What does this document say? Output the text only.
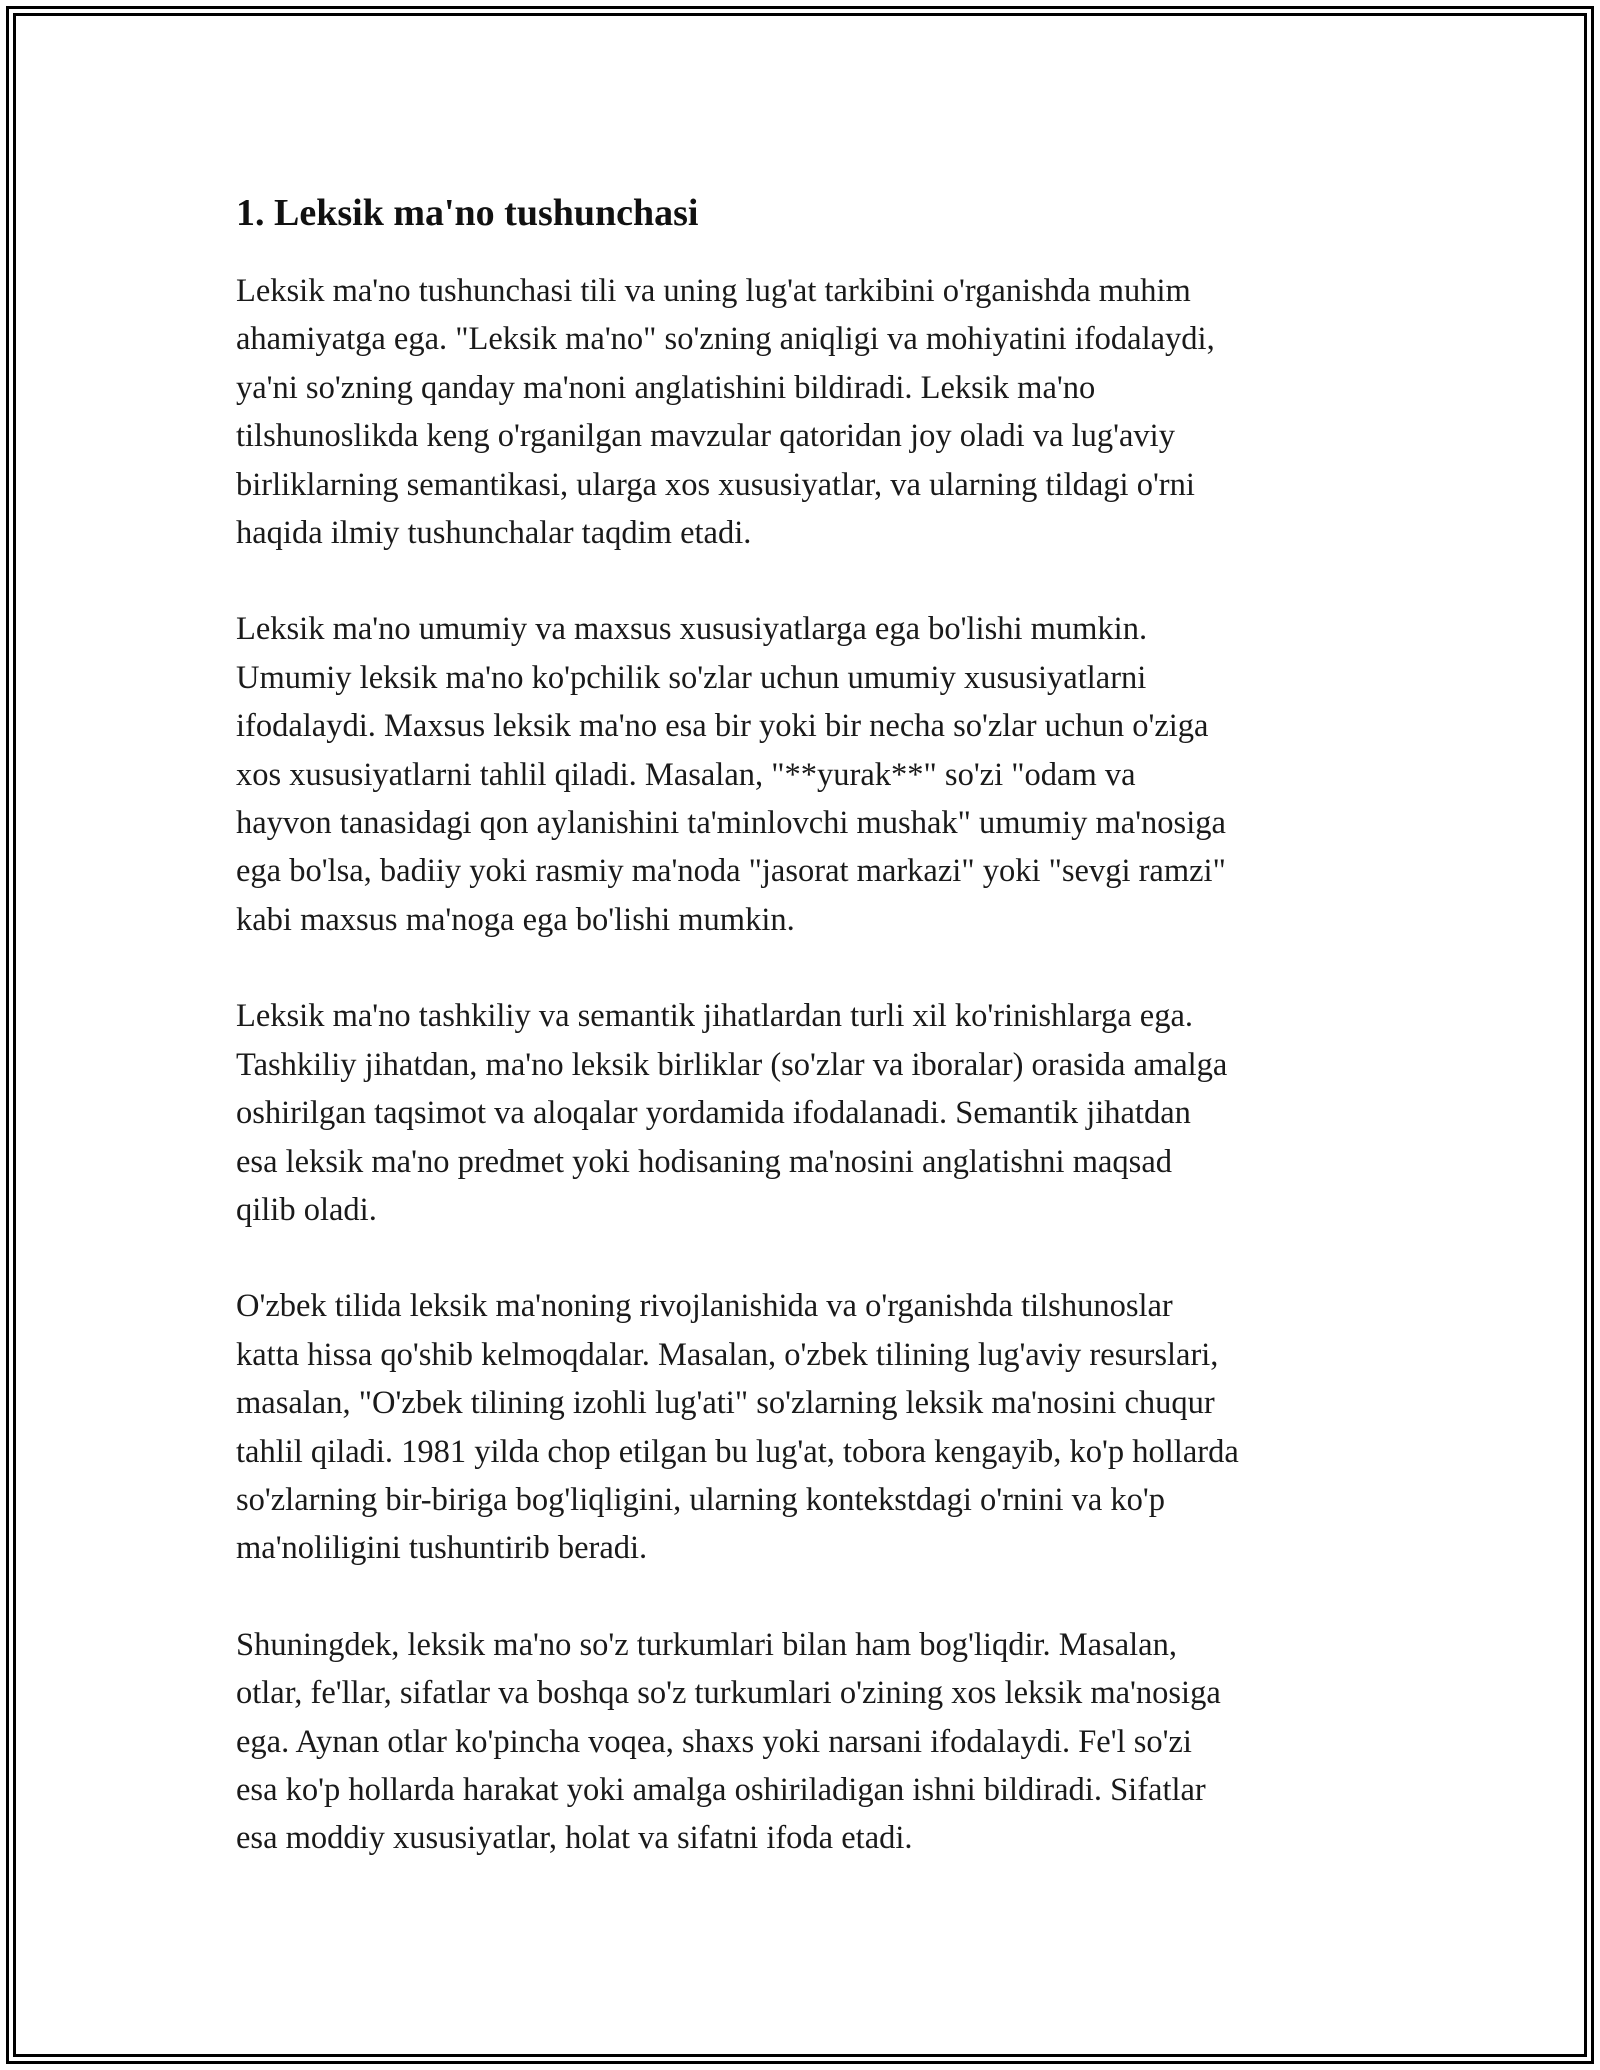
1. Leksik ma'no tushunchasi

Leksik ma'no tushunchasi tili va uning lug'at tarkibini o'rganishda muhim
ahamiyatga ega. "Leksik ma'no" so'zning aniqligi va mohiyatini ifodalaydi,
ya'ni so'zning qanday ma'noni anglatishini bildiradi. Leksik ma'no
tilshunoslikda keng o'rganilgan mavzular qatoridan joy oladi va lug'aviy
birliklarning semantikasi, ularga xos xususiyatlar, va ularning tildagi o'rni
haqida ilmiy tushunchalar taqdim etadi.

Leksik ma'no umumiy va maxsus xususiyatlarga ega bo'lishi mumkin.
Umumiy leksik ma'no ko'pchilik so'zlar uchun umumiy xususiyatlarni
ifodalaydi. Maxsus leksik ma'no esa bir yoki bir necha so'zlar uchun o'ziga
xos xususiyatlarni tahlil qiladi. Masalan, "**yurak**" so'zi "odam va
hayvon tanasidagi qon aylanishini ta'minlovchi mushak" umumiy ma'nosiga
ega bo'lsa, badiiy yoki rasmiy ma'noda "jasorat markazi" yoki "sevgi ramzi"
kabi maxsus ma'noga ega bo'lishi mumkin.

Leksik ma'no tashkiliy va semantik jihatlardan turli xil ko'rinishlarga ega.
Tashkiliy jihatdan, ma'no leksik birliklar (so'zlar va iboralar) orasida amalga
oshirilgan taqsimot va aloqalar yordamida ifodalanadi. Semantik jihatdan
esa leksik ma'no predmet yoki hodisaning ma'nosini anglatishni maqsad
qilib oladi.

O'zbek tilida leksik ma'noning rivojlanishida va o'rganishda tilshunoslar
katta hissa qo'shib kelmoqdalar. Masalan, o'zbek tilining lug'aviy resurslari,
masalan, "O'zbek tilining izohli lug'ati" so'zlarning leksik ma'nosini chuqur
tahlil qiladi. 1981 yilda chop etilgan bu lug'at, tobora kengayib, ko'p hollarda
so'zlarning bir-biriga bog'liqligini, ularning kontekstdagi o'rnini va ko'p
ma'noliligini tushuntirib beradi.

Shuningdek, leksik ma'no so'z turkumlari bilan ham bog'liqdir. Masalan,
otlar, fe'llar, sifatlar va boshqa so'z turkumlari o'zining xos leksik ma'nosiga
ega. Aynan otlar ko'pincha voqea, shaxs yoki narsani ifodalaydi. Fe'l so'zi
esa ko'p hollarda harakat yoki amalga oshiriladigan ishni bildiradi. Sifatlar
esa moddiy xususiyatlar, holat va sifatni ifoda etadi.
